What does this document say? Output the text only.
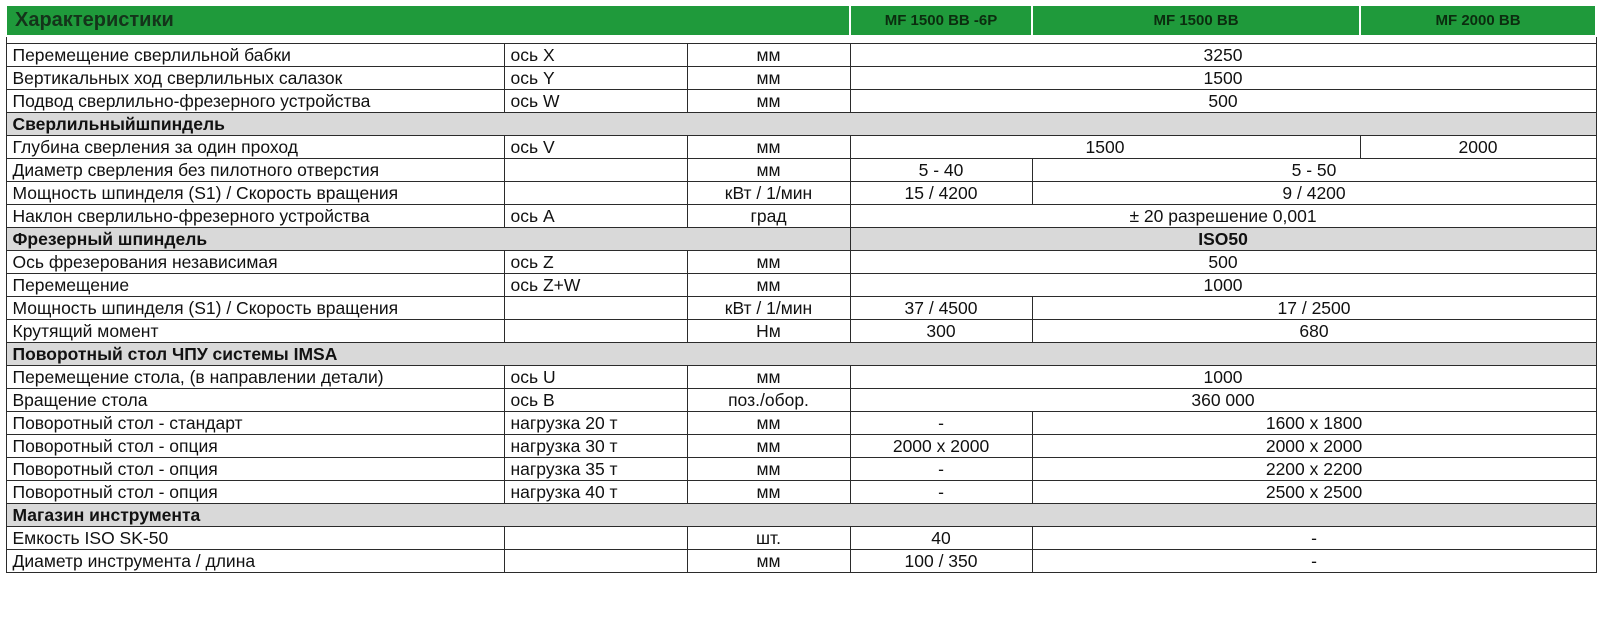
Характеристики			MF 1500 BB -6P	MF 1500 BB	MF 2000 BB

Перемещение сверлильной бабки	ось X	мм	3250		
Вертикальных ход сверлильных салазок	ось Y	мм	1500		
Подвод сверлильно-фрезерного устройства	ось W	мм	500		
Сверлильныйшпиндель					
Глубина сверления за один проход	ось V	мм	1500		2000
Диаметр сверления без пилотного отверстия		мм	5 - 40	5 - 50	
Мощность шпинделя (S1) / Скорость вращения		кВт / 1/мин	15 / 4200	9 / 4200	
Наклон сверлильно-фрезерного устройства	ось A	град	± 20 разрешение 0,001		
Фрезерный шпиндель			ISO50		
Ось фрезерования независимая	ось Z	мм	500		
Перемещение	ось Z+W	мм	1000		
Мощность шпинделя (S1) / Скорость вращения		кВт / 1/мин	37 / 4500	17 / 2500	
Крутящий момент		Нм	300	680	
Поворотный стол ЧПУ системы IMSA					
Перемещение стола, (в направлении детали)	ось U	мм	1000		
Вращение стола	ось B	поз./обор.	360 000		
Поворотный стол - стандарт	нагрузка 20 т	мм	-	1600 x 1800	
Поворотный стол - опция	нагрузка 30 т	мм	2000 x 2000	2000 x 2000	
Поворотный стол - опция	нагрузка 35 т	мм	-	2200 x 2200	
Поворотный стол - опция	нагрузка 40 т	мм	-	2500 x 2500	
Магазин инструмента					
Емкость ISO SK-50		шт.	40	-	
Диаметр инструмента / длина		мм	100 / 350	-	
